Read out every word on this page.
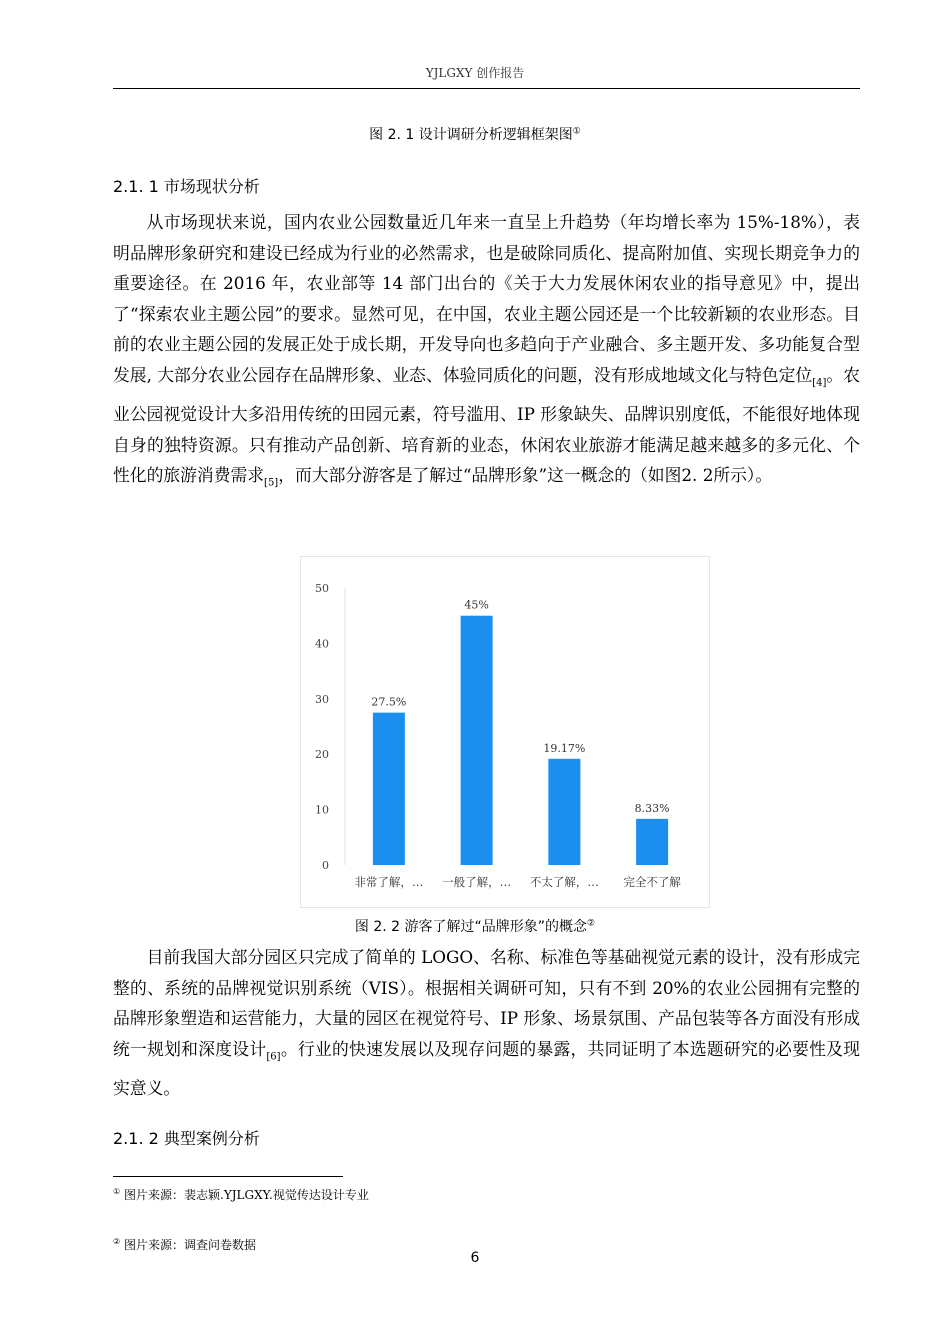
YJLGXY 创作报告
图 2. 1 设计调研分析逻辑框架图①
2.1. 1 市场现状分析

从市场现状来说，国内农业公园数量近几年来一直呈上升趋势（年均增长率为 15%-18%），表明品牌形象研究和建设已经成为行业的必然需求，也是破除同质化、提高附加值、实现长期竞争力的重要途径。在 2016 年，农业部等 14 部门出台的《关于大力发展休闲农业的指导意见》中，提出了“探索农业主题公园”的要求。显然可见，在中国，农业主题公园还是一个比较新颖的农业形态。目前的农业主题公园的发展正处于成长期，开发导向也多趋向于产业融合、多主题开发、多功能复合型发展, 大部分农业公园存在品牌形象、业态、体验同质化的问题，没有形成地域文化与特色定位$_{[4]}$。农业公园视觉设计大多沿用传统的田园元素，符号滥用、IP 形象缺失、品牌识别度低，不能很好地体现自身的独特资源。只有推动产品创新、培育新的业态，休闲农业旅游才能满足越来越多的多元化、个性化的旅游消费需求$_{[5]}$，而大部分游客是了解过“品牌形象”这一概念的（如图2. 2所示）。

0
10
20
30
40
50
27.5%
非常了解，…
45%
一般了解，…
19.17%
不太了解，…
8.33%
完全不了解
图 2. 2 游客了解过“品牌形象”的概念②

目前我国大部分园区只完成了简单的 LOGO、名称、标准色等基础视觉元素的设计，没有形成完整的、系统的品牌视觉识别系统（VIS）。根据相关调研可知，只有不到 20%的农业公园拥有完整的品牌形象塑造和运营能力，大量的园区在视觉符号、IP 形象、场景氛围、产品包装等各方面没有形成统一规划和深度设计$_{[6]}$。行业的快速发展以及现存问题的暴露，共同证明了本选题研究的必要性及现实意义。

2.1. 2 典型案例分析
① 图片来源：裴志颖.YJLGXY.视觉传达设计专业
② 图片来源：调查问卷数据
6
